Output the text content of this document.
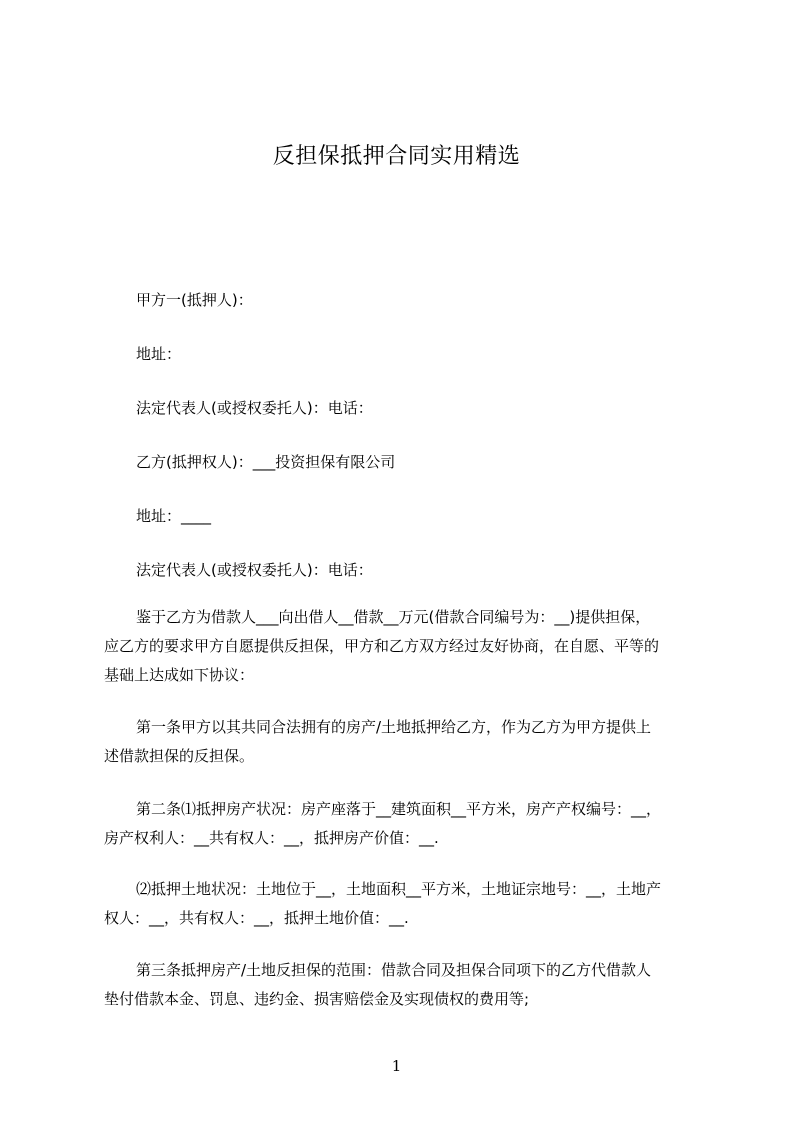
反担保抵押合同实用精选

甲方一(抵押人)：

地址：

法定代表人(或授权委托人)：电话：

乙方(抵押权人)：___投资担保有限公司

地址：____

法定代表人(或授权委托人)：电话：

鉴于乙方为借款人___向出借人__借款__万元(借款合同编号为：__)提供担保，
应乙方的要求甲方自愿提供反担保，甲方和乙方双方经过友好协商，在自愿、平等的
基础上达成如下协议：

第一条甲方以其共同合法拥有的房产/土地抵押给乙方，作为乙方为甲方提供上
述借款担保的反担保。

第二条⑴抵押房产状况：房产座落于__建筑面积__平方米，房产产权编号：__，
房产权利人：__共有权人：__，抵押房产价值：__.

⑵抵押土地状况：土地位于__，土地面积__平方米，土地证宗地号：__，土地产
权人：__，共有权人：__，抵押土地价值：__.

第三条抵押房产/土地反担保的范围：借款合同及担保合同项下的乙方代借款人
垫付借款本金、罚息、违约金、损害赔偿金及实现债权的费用等;

1
